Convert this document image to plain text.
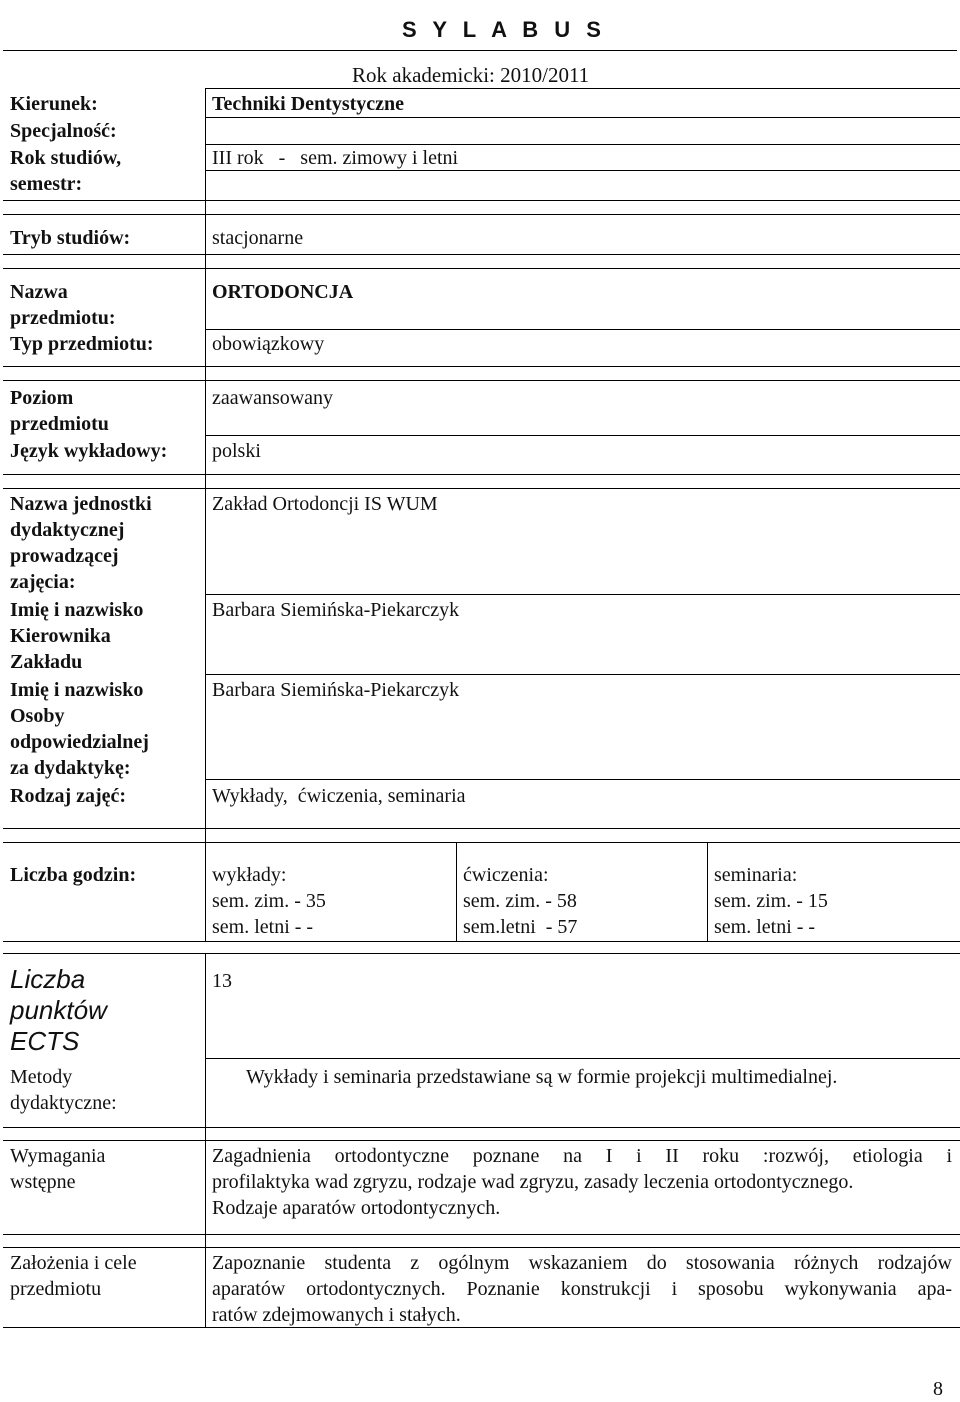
S Y L A B U S
Rok akademicki: 2010/2011
Kierunek:
Specjalność:
Rok studiów,
semestr:
Tryb studiów:
Nazwa
przedmiotu:
Typ przedmiotu:
Poziom
przedmiotu
Język wykładowy:
Nazwa jednostki
dydaktycznej
prowadzącej
zajęcia:
Imię i nazwisko
Kierownika
Zakładu
Imię i nazwisko
Osoby
odpowiedzialnej
za dydaktykę:
Rodzaj zajęć:
Techniki Dentystyczne
III rok   -   sem. zimowy i letni
stacjonarne
ORTODONCJA
obowiązkowy
zaawansowany
polski
Zakład Ortodoncji IS WUM
Barbara Siemińska-Piekarczyk
Barbara Siemińska-Piekarczyk
Wykłady,  ćwiczenia, seminaria
Liczba godzin:	wykłady:
sem. zim. - 35
sem. letni - -
ćwiczenia:
sem. zim. - 58
sem.letni  - 57
seminaria:
sem. zim. - 15
sem. letni - -
Liczba
punktów
ECTS
13
Metody
dydaktyczne:
Wykłady i seminaria przedstawiane są w formie projekcji multimedialnej.
Wymagania
wstępne
Zagadnienia ortodontyczne poznane na I i II roku :rozwój, etiologia i
profilaktyka wad zgryzu, rodzaje wad zgryzu, zasady leczenia ortodontycznego.
Rodzaje aparatów ortodontycznych.
Założenia i cele
przedmiotu
Zapoznanie studenta z ogólnym wskazaniem do stosowania różnych rodzajów
aparatów ortodontycznych. Poznanie konstrukcji i sposobu wykonywania apa-
ratów zdejmowanych i stałych.
8
